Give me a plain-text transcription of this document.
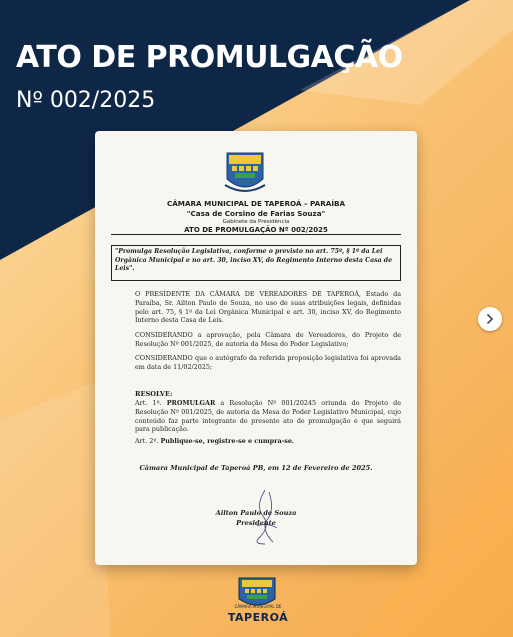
ATO DE PROMULGAÇÃO
Nº 002/2025
CÂMARA MUNICIPAL DE TAPEROÁ – PARAÍBA
"Casa de Corsino de Farias Souza"
Gabinete da Presidência
ATO DE PROMULGAÇÃO Nº 002/2025
"Promulga Resolução Legislativa, conforme o previsto no art. 75º, § 1º da Lei Orgânica Municipal e no art. 30, inciso XV, do Regimento Interno desta Casa de Leis".
O PRESIDENTE DA CÂMARA DE VEREADORES DE TAPEROÁ, Estado da Paraíba, Sr. Ailton Paulo de Souza, no uso de suas atribuições legais, definidas pelo art. 75, § 1º da Lei Orgânica Municipal e art. 30, inciso XV, do Regimento Interno desta Casa de Leis.
CONSIDERANDO a aprovação, pela Câmara de Vereadores, do Projeto de Resolução Nº 001/2025, de autoria da Mesa do Poder Legislativo;
CONSIDERANDO que o autógrafo da referida proposição legislativa foi aprovada em data de 11/02/2025;
RESOLVE:
Art. 1º. PROMULGAR a Resolução Nº 001/20245 oriunda do Projeto de Resolução Nº 001/2025, de autoria da Mesa do Poder Legislativo Municipal, cujo conteúdo faz parte integrante do presente ato de promulgação e que seguirá para publicação.
Art. 2º. Publique-se, registre-se e cumpra-se.
Câmara Municipal de Taperoá PB, em 12 de Fevereiro de 2025.
Ailton Paulo de Souza
Presidente
CÂMARA MUNICIPAL DE
TAPEROÁ
